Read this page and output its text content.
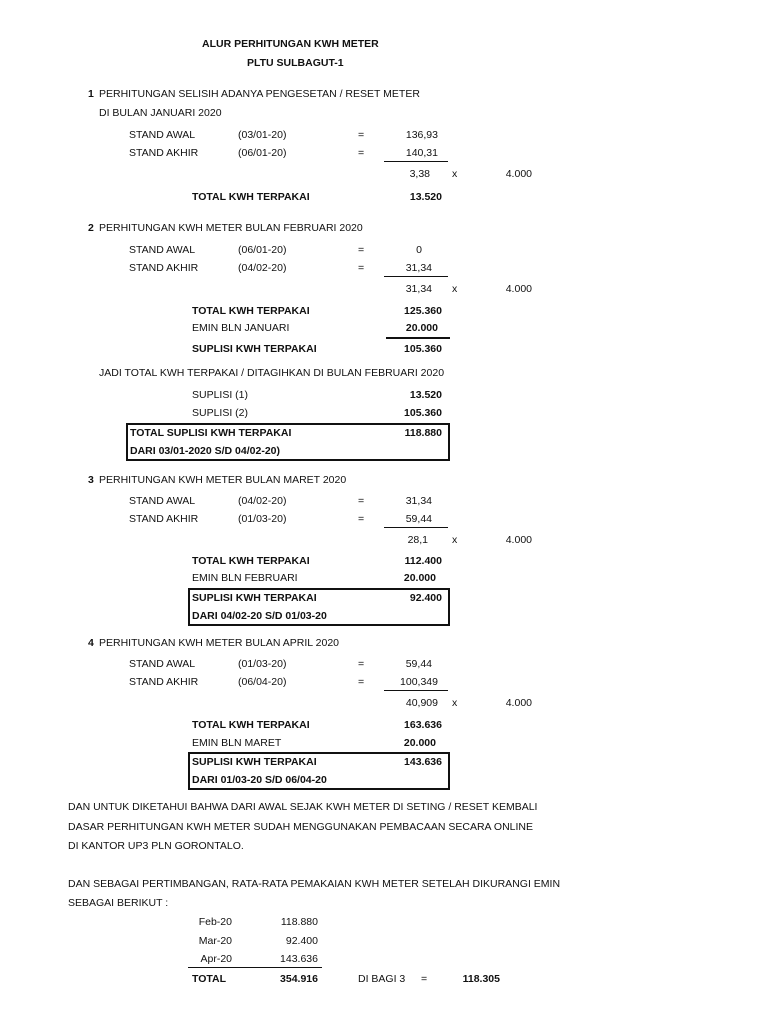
ALUR PERHITUNGAN KWH METER
PLTU SULBAGUT-1
1 PERHITUNGAN SELISIH ADANYA PENGESETAN / RESET METER
DI BULAN JANUARI 2020
STAND AWAL	(03/01-20)	=	136,93
STAND AKHIR	(06/01-20)	=	140,31
3,38 x	4.000
TOTAL KWH TERPAKAI	13.520
2 PERHITUNGAN KWH METER BULAN FEBRUARI 2020
STAND AWAL	(06/01-20)	=	0
STAND AKHIR	(04/02-20)	=	31,34
31,34 x	4.000
TOTAL KWH TERPAKAI	125.360
EMIN BLN JANUARI	20.000
SUPLISI KWH TERPAKAI	105.360
JADI TOTAL KWH TERPAKAI / DITAGIHKAN DI BULAN FEBRUARI 2020
SUPLISI (1)	13.520
SUPLISI (2)	105.360
TOTAL SUPLISI KWH TERPAKAI	118.880
DARI 03/01-2020 S/D 04/02-20)
3 PERHITUNGAN KWH METER BULAN MARET 2020
STAND AWAL	(04/02-20)	=	31,34
STAND AKHIR	(01/03-20)	=	59,44
28,1 x	4.000
TOTAL KWH TERPAKAI	112.400
EMIN BLN FEBRUARI	20.000
SUPLISI KWH TERPAKAI	92.400
DARI 04/02-20 S/D 01/03-20
4 PERHITUNGAN KWH METER BULAN APRIL 2020
STAND AWAL	(01/03-20)	=	59,44
STAND AKHIR	(06/04-20)	=	100,349
40,909 x	4.000
TOTAL KWH TERPAKAI	163.636
EMIN BLN MARET	20.000
SUPLISI KWH TERPAKAI	143.636
DARI 01/03-20 S/D 06/04-20
DAN UNTUK DIKETAHUI BAHWA DARI AWAL SEJAK KWH METER DI SETING / RESET KEMBALI
DASAR PERHITUNGAN KWH METER SUDAH MENGGUNAKAN PEMBACAAN SECARA ONLINE
DI KANTOR UP3 PLN GORONTALO.
DAN SEBAGAI PERTIMBANGAN, RATA-RATA PEMAKAIAN KWH METER SETELAH DIKURANGI EMIN
SEBAGAI BERIKUT :
Feb-20	118.880
Mar-20	92.400
Apr-20	143.636
TOTAL	354.916	DI BAGI 3 =	118.305
